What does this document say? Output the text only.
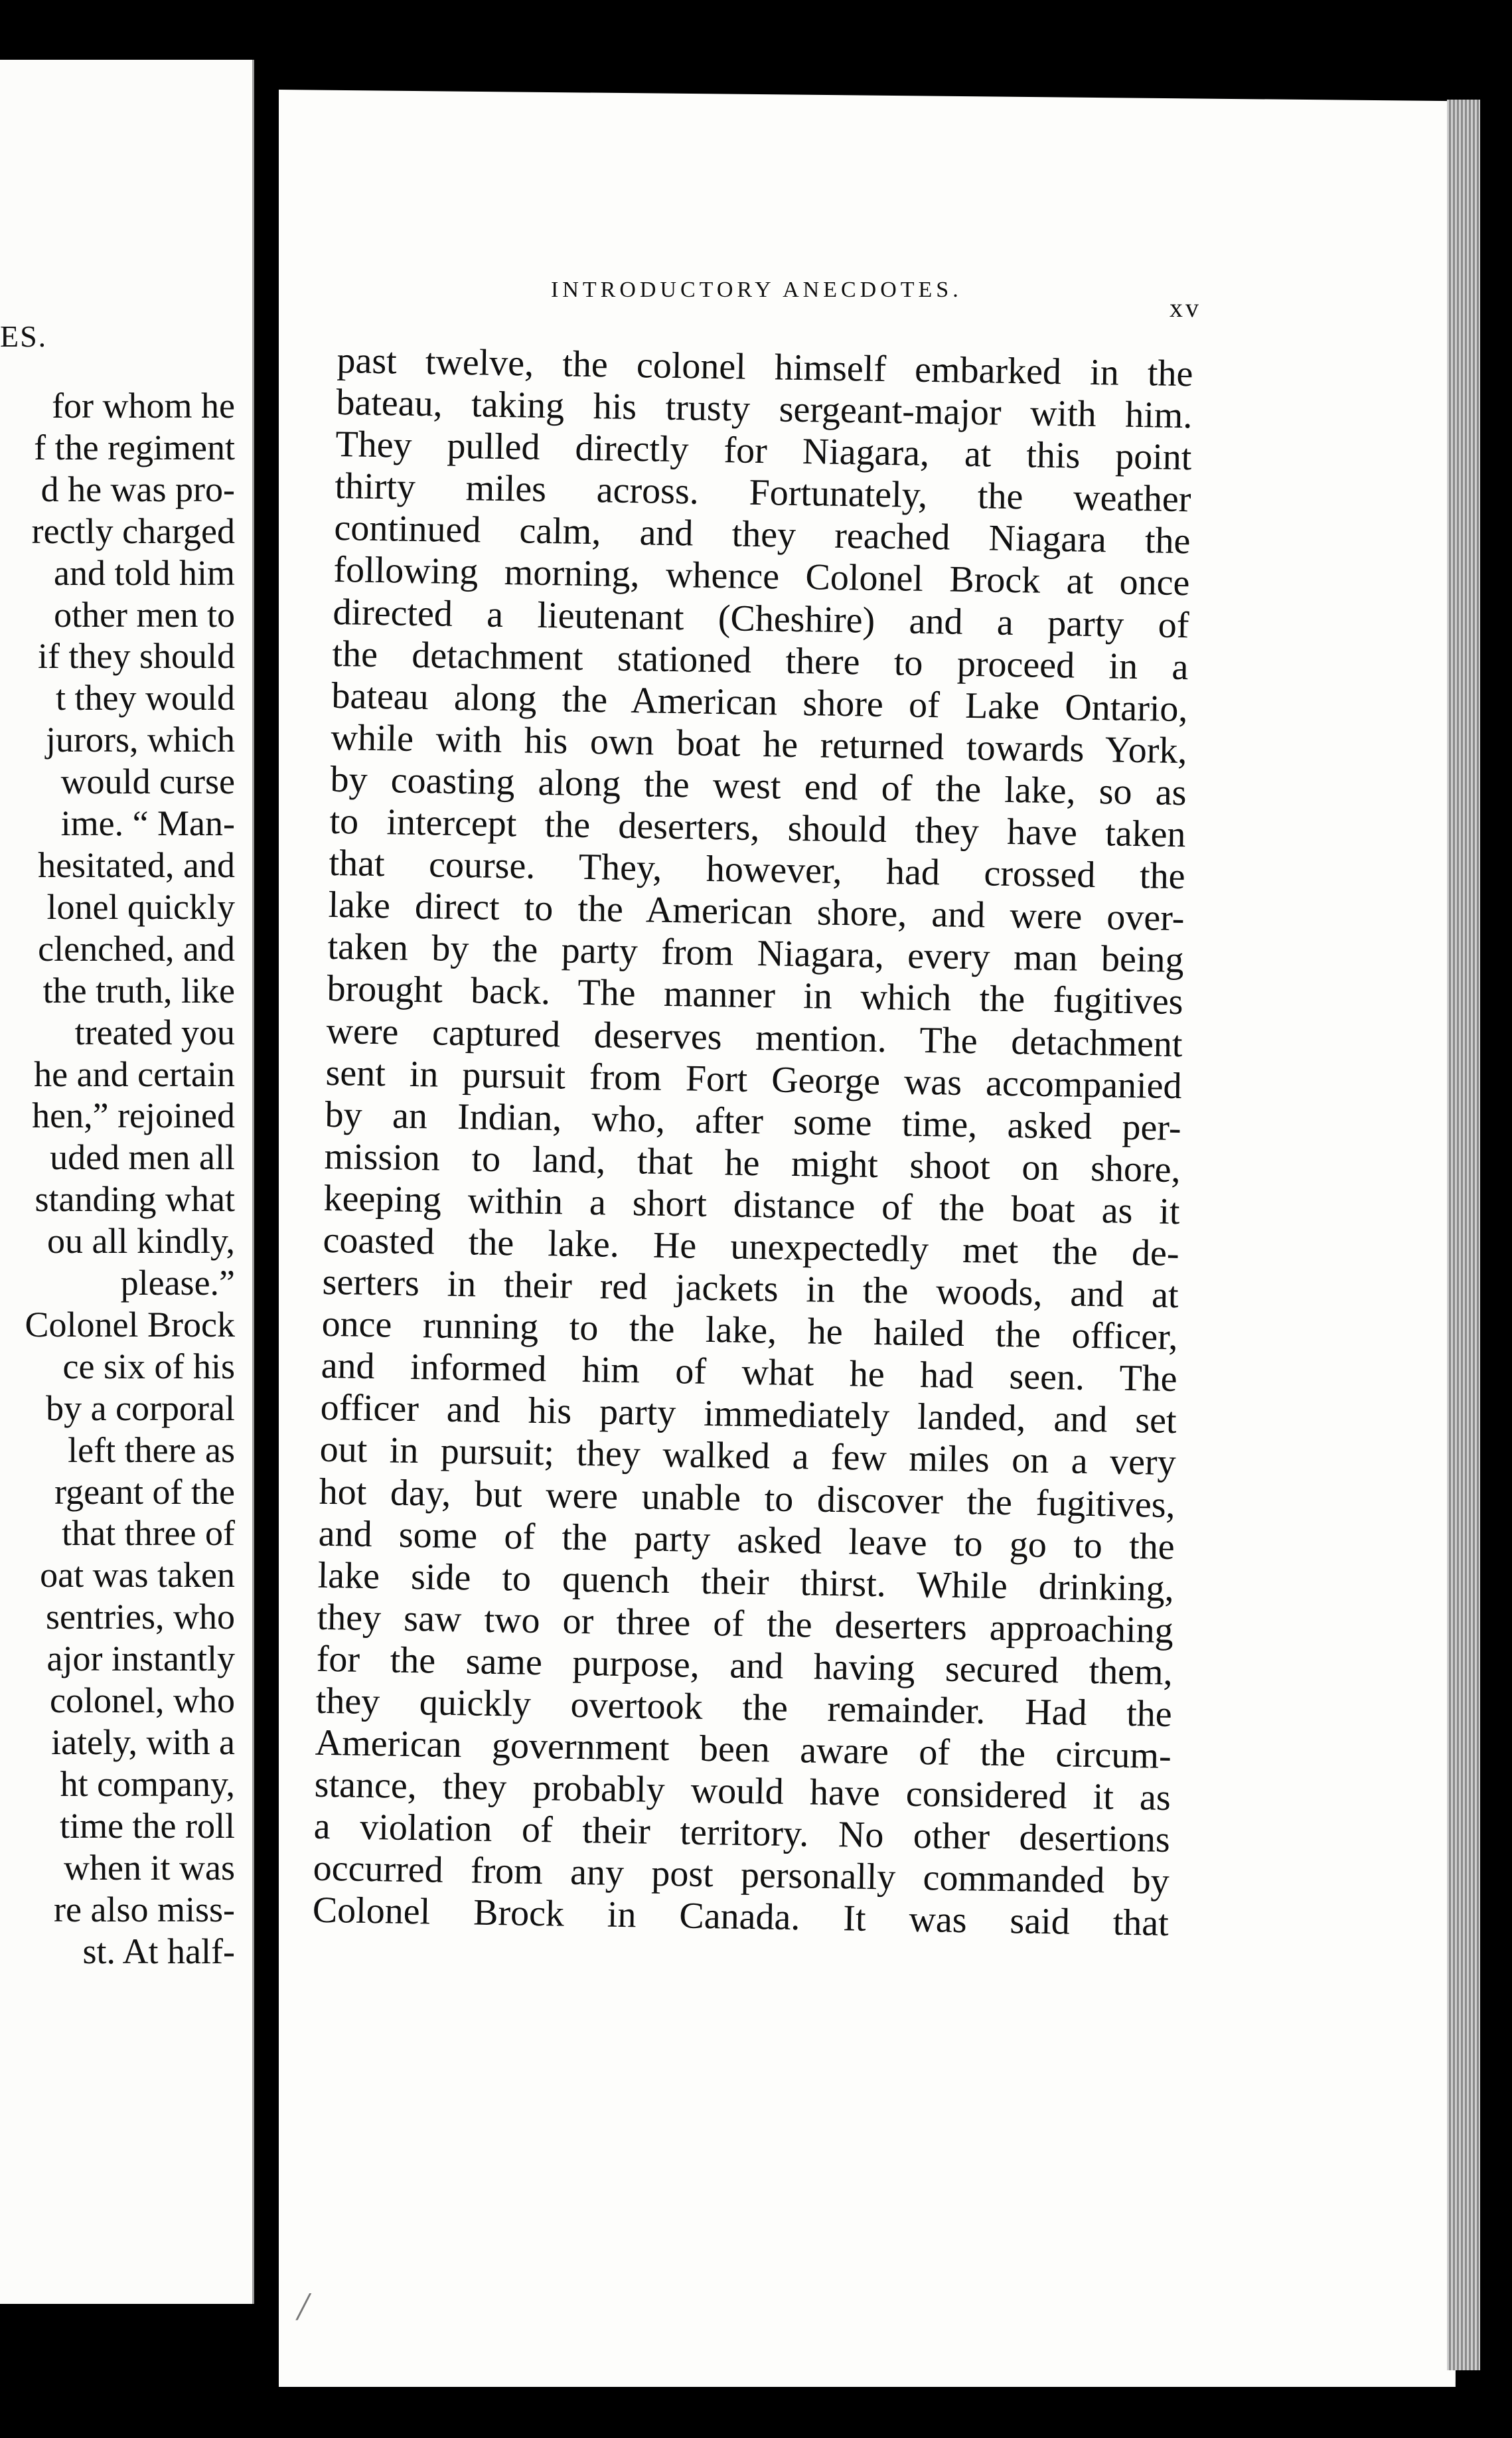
ES.
for whom he
f the regiment
d he was pro-
rectly charged
and told him
other men to
if they should
t they would
jurors, which
would curse
ime. “ Man-
hesitated, and
lonel quickly
clenched, and
the truth, like
treated you
he and certain
hen,” rejoined
uded men all
standing what
ou all kindly,
please.”
Colonel Brock
ce six of his
by a corporal
left there as
rgeant of the
that three of
oat was taken
sentries, who
ajor instantly
colonel, who
iately, with a
ht company,
time the roll
when it was
re also miss-
st. At half-
INTRODUCTORY ANECDOTES.
xv
past twelve, the colonel himself embarked in the
bateau, taking his trusty sergeant-major with him.
They pulled directly for Niagara, at this point
thirty miles across. Fortunately, the weather
continued calm, and they reached Niagara the
following morning, whence Colonel Brock at once
directed a lieutenant (Cheshire) and a party of
the detachment stationed there to proceed in a
bateau along the American shore of Lake Ontario,
while with his own boat he returned towards York,
by coasting along the west end of the lake, so as
to intercept the deserters, should they have taken
that course. They, however, had crossed the
lake direct to the American shore, and were over-
taken by the party from Niagara, every man being
brought back. The manner in which the fugitives
were captured deserves mention. The detachment
sent in pursuit from Fort George was accompanied
by an Indian, who, after some time, asked per-
mission to land, that he might shoot on shore,
keeping within a short distance of the boat as it
coasted the lake. He unexpectedly met the de-
serters in their red jackets in the woods, and at
once running to the lake, he hailed the officer,
and informed him of what he had seen. The
officer and his party immediately landed, and set
out in pursuit; they walked a few miles on a very
hot day, but were unable to discover the fugitives,
and some of the party asked leave to go to the
lake side to quench their thirst. While drinking,
they saw two or three of the deserters approaching
for the same purpose, and having secured them,
they quickly overtook the remainder. Had the
American government been aware of the circum-
stance, they probably would have considered it as
a violation of their territory. No other desertions
occurred from any post personally commanded by
Colonel Brock in Canada. It was said that
/
